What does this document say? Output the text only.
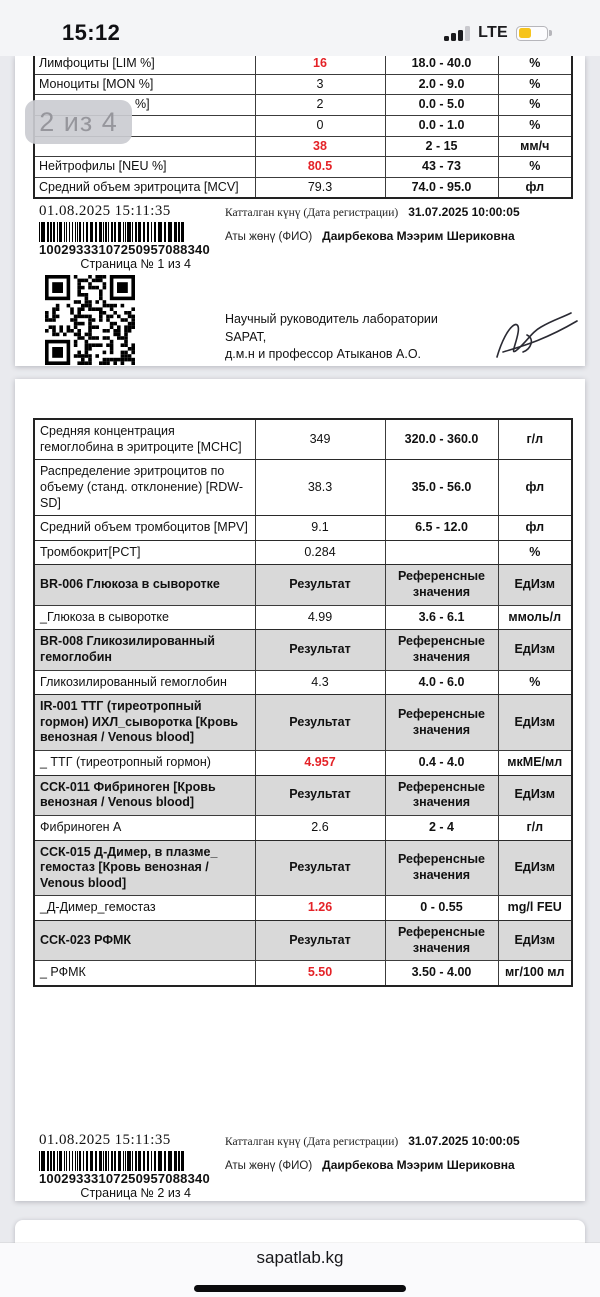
15:12	LTE
Лимфоциты [LIM %]	16	18.0 - 40.0	%
Моноциты [MON %]	3	2.0 - 9.0	%
%]	2	0.0 - 5.0	%
	0	0.0 - 1.0	%
	38	2 - 15	мм/ч
Нейтрофилы [NEU %]	80.5	43 - 73	%
Средний объем эритроцита [MCV]	79.3	74.0 - 95.0	фл
01.08.2025 15:11:35
10029333107250957088340
Страница № 1 из 4
Катталган күнү (Дата регистрации) 31.07.2025 10:00:05
Аты жөнү (ФИО) Даирбекова Мээрим Шериковна
Научный руководитель лаборатории SAPAT,
д.м.н и профессор Атыканов А.О.
Средняя концентрация гемоглобина в эритроците [MCHC]	349	320.0 - 360.0	г/л
Распределение эритроцитов по объему (станд. отклонение) [RDW-SD]	38.3	35.0 - 56.0	фл
Средний объем тромбоцитов [MPV]	9.1	6.5 - 12.0	фл
Тромбокрит[PCT]	0.284		%
BR-006 Глюкоза в сыворотке	Результат	Референсные значения	ЕдИзм
_Глюкоза в сыворотке	4.99	3.6 - 6.1	ммоль/л
BR-008 Гликозилированный гемоглобин	Результат	Референсные значения	ЕдИзм
Гликозилированный гемоглобин	4.3	4.0 - 6.0	%
IR-001 ТТГ (тиреотропный гормон) ИХЛ_сыворотка [Кровь венозная / Venous blood]	Результат	Референсные значения	ЕдИзм
_ ТТГ (тиреотропный гормон)	4.957	0.4 - 4.0	мкМЕ/мл
ССК-011 Фибриноген [Кровь венозная / Venous blood]	Результат	Референсные значения	ЕдИзм
Фибриноген А	2.6	2 - 4	г/л
ССК-015 Д-Димер, в плазме_ гемостаз [Кровь венозная / Venous blood]	Результат	Референсные значения	ЕдИзм
_Д-Димер_гемостаз	1.26	0 - 0.55	mg/l FEU
ССК-023 РФМК	Результат	Референсные значения	ЕдИзм
_ РФМК	5.50	3.50 - 4.00	мг/100 мл
01.08.2025 15:11:35
10029333107250957088340
Страница № 2 из 4
Катталган күнү (Дата регистрации) 31.07.2025 10:00:05
Аты жөнү (ФИО) Даирбекова Мээрим Шериковна

2 из 4
sapatlab.kg
